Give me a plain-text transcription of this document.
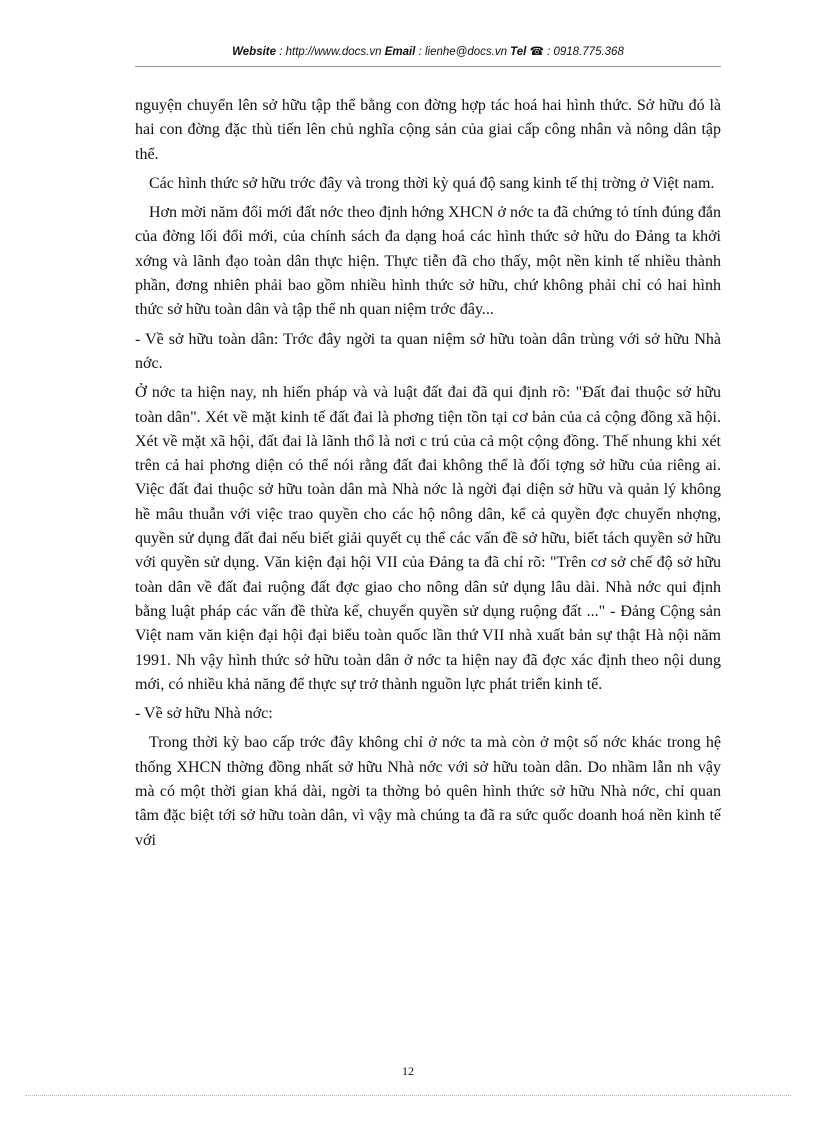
Website : http://www.docs.vn Email : lienhe@docs.vn Tel ☎ : 0918.775.368

nguyện chuyển lên sở hữu tập thể bằng con đờng hợp tác hoá hai hình thức. Sở hữu đó là hai con đờng đặc thù tiến lên chủ nghĩa cộng sản của giai cấp công nhân và nông dân tập thể.

Các hình thức sở hữu trớc đây và trong thời kỳ quá độ sang kinh tế thị trờng ở Việt nam.

Hơn mời năm đổi mới đất nớc theo định hớng XHCN ở nớc ta đã chứng tỏ tính đúng đắn của đờng lối đổi mới, của chính sách đa dạng hoá các hình thức sở hữu do Đảng ta khởi xớng và lãnh đạo toàn dân thực hiện. Thực tiễn đã cho thấy, một nền kinh tế nhiều thành phần, đơng nhiên phải bao gồm nhiều hình thức sở hữu, chứ không phải chỉ có hai hình thức sở hữu toàn dân và tập thể nh quan niệm trớc đây...

- Về sở hữu toàn dân: Trớc đây ngời ta quan niệm sở hữu toàn dân trùng với sở hữu Nhà nớc.

Ở nớc ta hiện nay, nh hiến pháp và và luật đất đai đã qui định rõ: "Đất đai thuộc sở hữu toàn dân". Xét về mặt kinh tế đất đai là phơng tiện tồn tại cơ bản của cả cộng đồng xã hội. Xét về mặt xã hội, đất đai là lãnh thổ là nơi c trú của cả một cộng đồng. Thế nhung khi xét trên cả hai phơng diện có thể nói rằng đất đai không thể là đối tợng sở hữu của riêng ai. Việc đất đai thuộc sở hữu toàn dân mà Nhà nớc là ngời đại diện sở hữu và quản lý không hề mâu thuẫn với việc trao quyền cho các hộ nông dân, kể cả quyền đợc chuyển nhợng, quyền sử dụng đất đai nếu biết giải quyết cụ thể các vấn đề sở hữu, biết tách quyền sở hữu với quyền sử dụng. Văn kiện đại hội VII của Đảng ta đã chỉ rõ: "Trên cơ sở chế độ sở hữu toàn dân về đất đai ruộng đất đợc giao cho nông dân sử dụng lâu dài. Nhà nớc qui định bằng luật pháp các vấn đề thừa kế, chuyển quyền sử dụng ruộng đất ..." - Đảng Cộng sản Việt nam văn kiện đại hội đại biểu toàn quốc lần thứ VII nhà xuất bản sự thật Hà nội năm 1991. Nh vậy hình thức sở hữu toàn dân ở nớc ta hiện nay đã đợc xác định theo nội dung mới, có nhiều khả năng để thực sự trở thành nguồn lực phát triển kinh tế.

- Về sở hữu Nhà nớc:

Trong thời kỳ bao cấp trớc đây không chỉ ở nớc ta mà còn ở một số nớc khác trong hệ thống XHCN thờng đồng nhất sở hữu Nhà nớc với sở hữu toàn dân. Do nhầm lẫn nh vậy mà có một thời gian khá dài, ngời ta thờng bỏ quên hình thức sở hữu Nhà nớc, chỉ quan tâm đặc biệt tới sở hữu toàn dân, vì vậy mà chúng ta đã ra sức quốc doanh hoá nền kinh tế với

12
